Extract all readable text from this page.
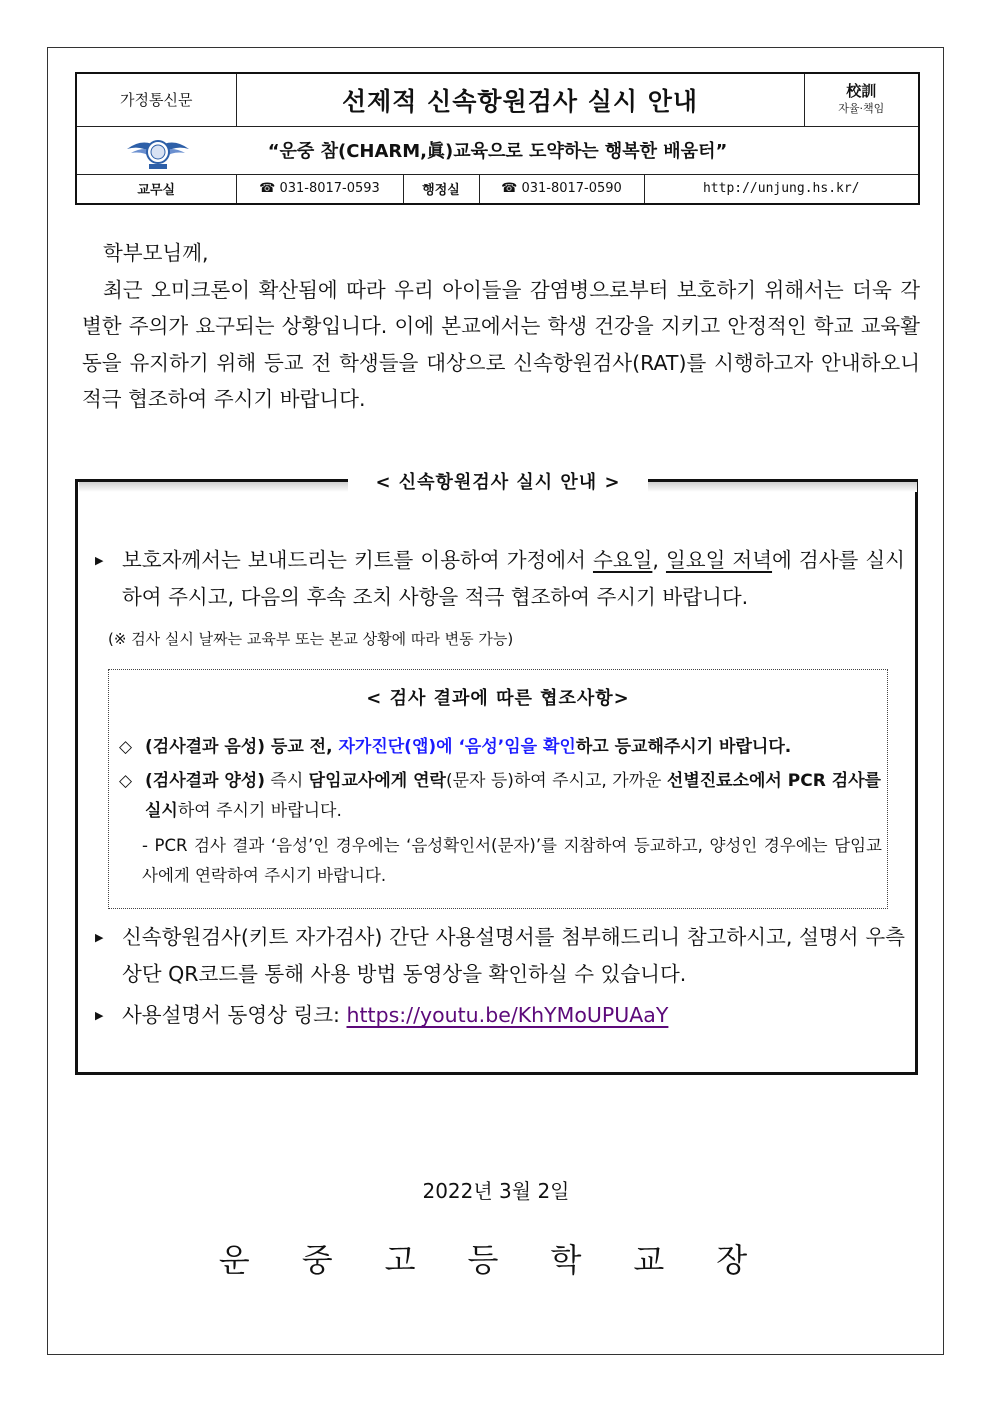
가정통신문	선제적 신속항원검사 실시 안내				校訓
자율·책임

“운중 참(CHARM,眞)교육으로 도약하는 행복한 배움터”					
교무실	☎ 031-8017-0593	행정실	☎ 031-8017-0590	http://unjung.hs.kr/	

학부모님께,

최근 오미크론이 확산됨에 따라 우리 아이들을 감염병으로부터 보호하기 위해서는 더욱 각별한 주의가 요구되는 상황입니다. 이에 본교에서는 학생 건강을 지키고 안정적인 학교 교육활동을 유지하기 위해 등교 전 학생들을 대상으로 신속항원검사(RAT)를 시행하고자 안내하오니 적극 협조하여 주시기 바랍니다.

< 신속항원검사 실시 안내 >
▶ 보호자께서는 보내드리는 키트를 이용하여 가정에서 수요일, 일요일 저녁에 검사를 실시하여 주시고, 다음의 후속 조치 사항을 적극 협조하여 주시기 바랍니다.
(※ 검사 실시 날짜는 교육부 또는 본교 상황에 따라 변동 가능)
< 검사 결과에 따른 협조사항>
◇ (검사결과 음성) 등교 전, 자가진단(앱)에 ‘음성’임을 확인하고 등교해주시기 바랍니다.
◇ (검사결과 양성) 즉시 담임교사에게 연락(문자 등)하여 주시고, 가까운 선별진료소에서 PCR 검사를 실시하여 주시기 바랍니다.
- PCR 검사 결과 ‘음성’인 경우에는 ‘음성확인서(문자)’를 지참하여 등교하고, 양성인 경우에는 담임교사에게 연락하여 주시기 바랍니다.
▶ 신속항원검사(키트 자가검사) 간단 사용설명서를 첨부해드리니 참고하시고, 설명서 우측 상단 QR코드를 통해 사용 방법 동영상을 확인하실 수 있습니다.
▶ 사용설명서 동영상 링크: https://youtu.be/KhYMoUPUAaY
2022년 3월 2일
운중고등학교장
